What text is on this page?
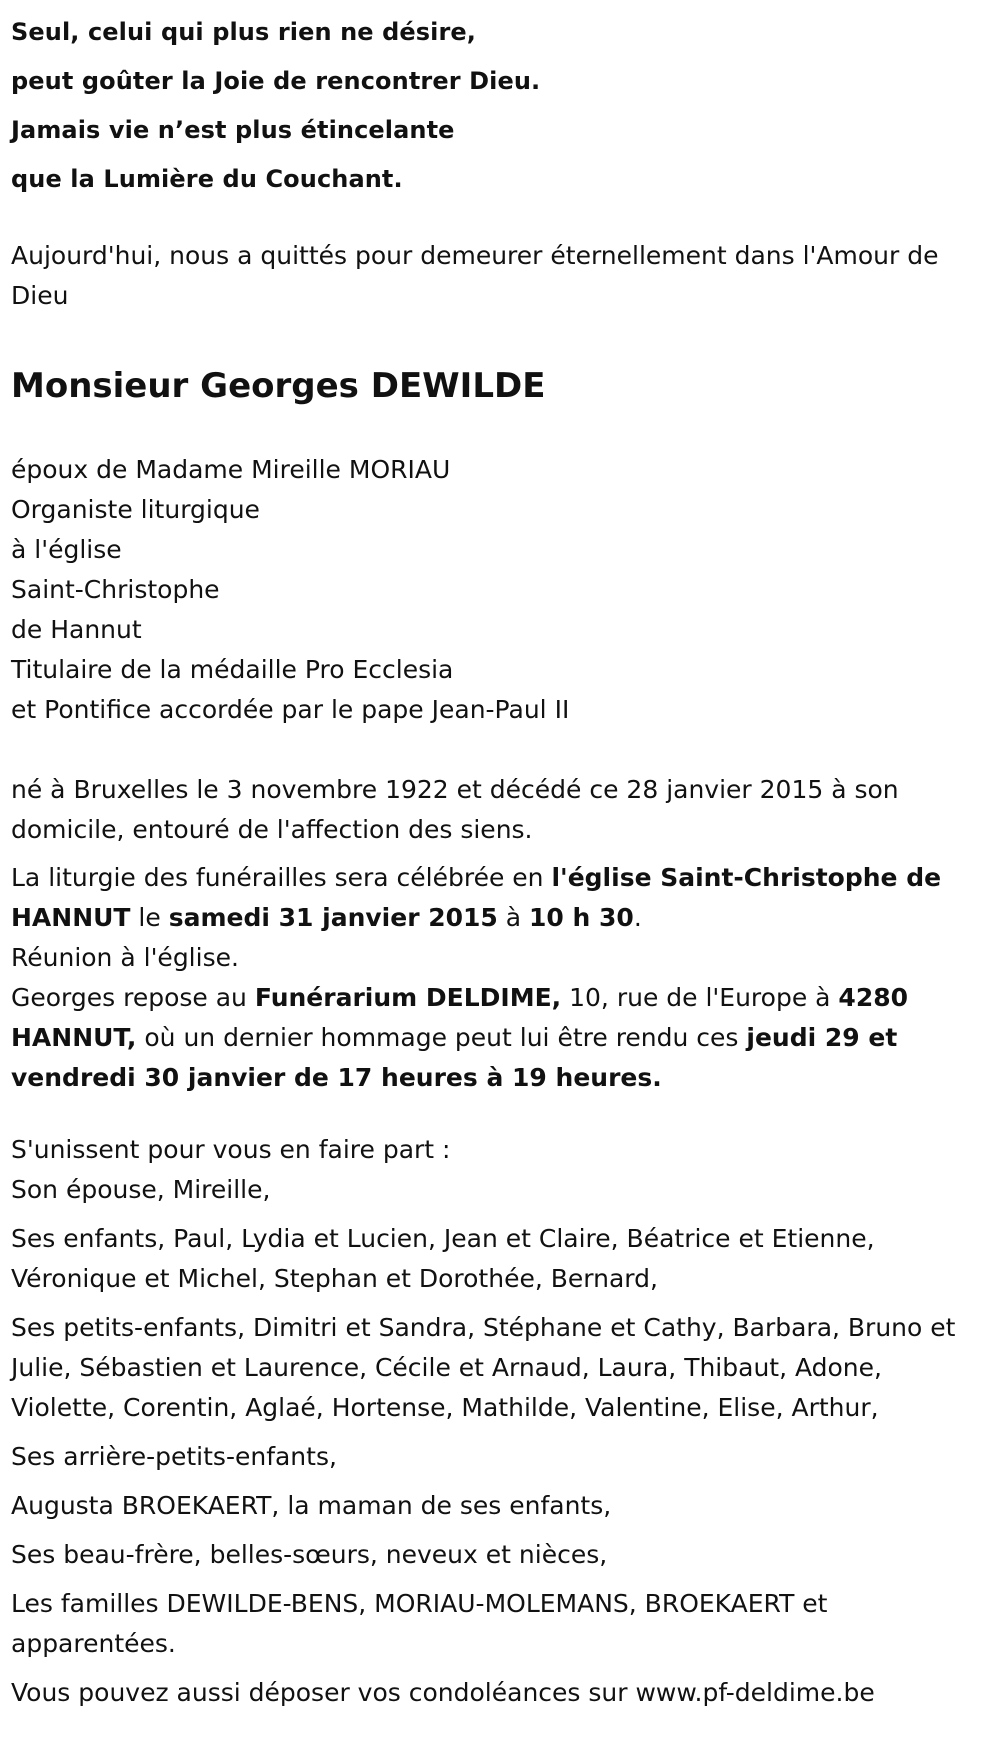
Seul, celui qui plus rien ne désire,

peut goûter la Joie de rencontrer Dieu.

Jamais vie n’est plus étincelante

que la Lumière du Couchant.

Aujourd'hui, nous a quittés pour demeurer éternellement dans l'Amour de Dieu

Monsieur Georges DEWILDE

époux de Madame Mireille MORIAU

Organiste liturgique

à l'église

Saint-Christophe

de Hannut

Titulaire de la médaille Pro Ecclesia

et Pontifice accordée par le pape Jean-Paul II

né à Bruxelles le 3 novembre 1922 et décédé ce 28 janvier 2015 à son domicile, entouré de l'affection des siens.

La liturgie des funérailles sera célébrée en l'église Saint-Christophe de HANNUT le samedi 31 janvier 2015 à 10 h 30.

Réunion à l'église.

Georges repose au Funérarium DELDIME, 10, rue de l'Europe à 4280 HANNUT, où un dernier hommage peut lui être rendu ces jeudi 29 et vendredi 30 janvier de 17 heures à 19 heures.

S'unissent pour vous en faire part :

Son épouse, Mireille,

Ses enfants, Paul, Lydia et Lucien, Jean et Claire, Béatrice et Etienne, Véronique et Michel, Stephan et Dorothée, Bernard,

Ses petits-enfants, Dimitri et Sandra, Stéphane et Cathy, Barbara, Bruno et Julie, Sébastien et Laurence, Cécile et Arnaud, Laura, Thibaut, Adone, Violette, Corentin, Aglaé, Hortense, Mathilde, Valentine, Elise, Arthur,

Ses arrière-petits-enfants,

Augusta BROEKAERT, la maman de ses enfants,

Ses beau-frère, belles-sœurs, neveux et nièces,

Les familles DEWILDE-BENS, MORIAU-MOLEMANS, BROEKAERT et apparentées.

Vous pouvez aussi déposer vos condoléances sur www.pf-deldime.be
